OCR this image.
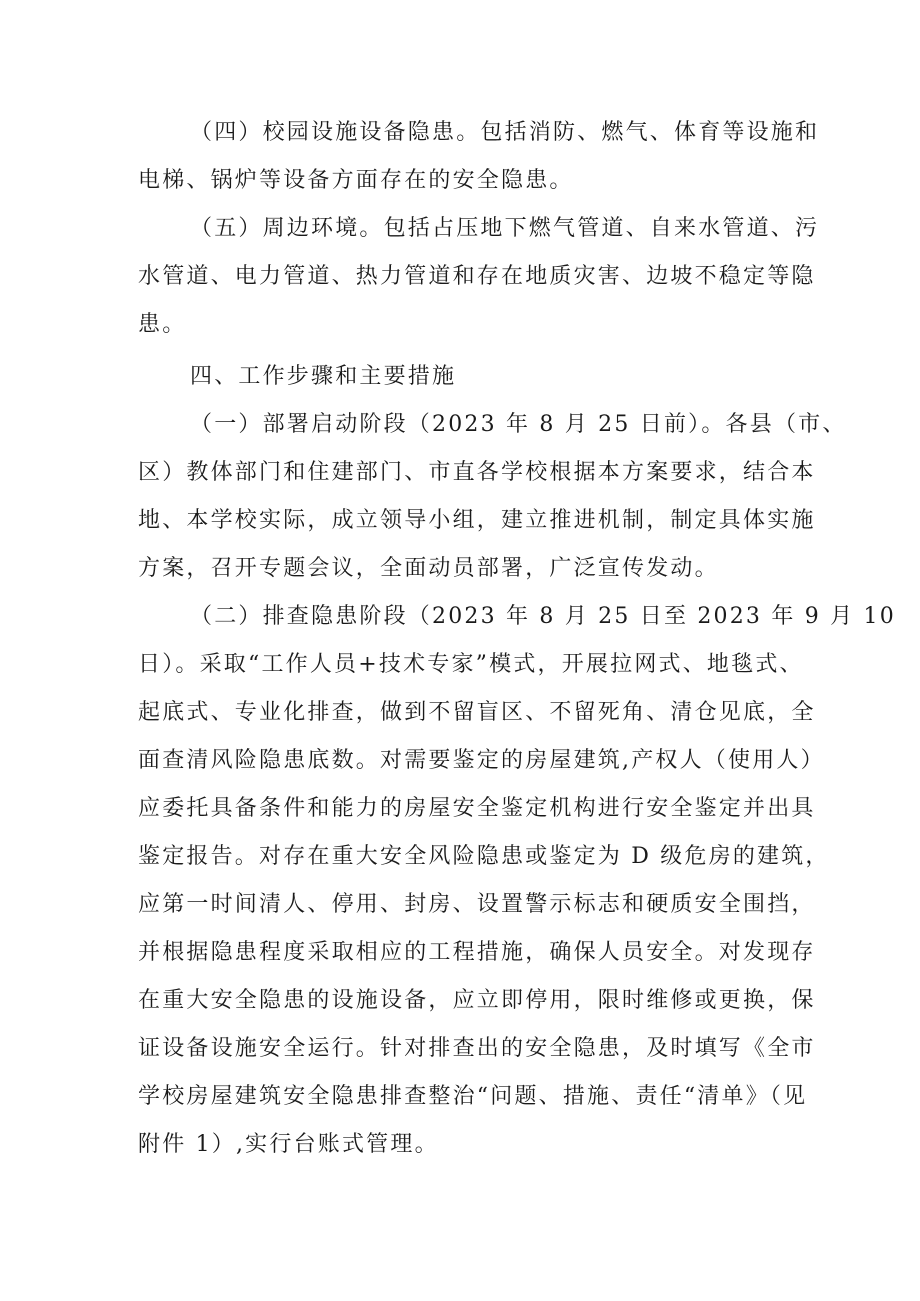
（四）校园设施设备隐患。包括消防、燃气、体育等设施和
电梯、锅炉等设备方面存在的安全隐患。
（五）周边环境。包括占压地下燃气管道、自来水管道、污
水管道、电力管道、热力管道和存在地质灾害、边坡不稳定等隐
患。
四、工作步骤和主要措施
（一）部署启动阶段（2023 年 8 月 25 日前）。各县（市、
区）教体部门和住建部门、市直各学校根据本方案要求，结合本
地、本学校实际，成立领导小组，建立推进机制，制定具体实施
方案，召开专题会议，全面动员部署，广泛宣传发动。
（二）排查隐患阶段（2023 年 8 月 25 日至 2023 年 9 月 10
日）。采取“工作人员+技术专家”模式，开展拉网式、地毯式、
起底式、专业化排查，做到不留盲区、不留死角、清仓见底，全
面查清风险隐患底数。对需要鉴定的房屋建筑,产权人（使用人）
应委托具备条件和能力的房屋安全鉴定机构进行安全鉴定并出具
鉴定报告。对存在重大安全风险隐患或鉴定为 D 级危房的建筑，
应第一时间清人、停用、封房、设置警示标志和硬质安全围挡，
并根据隐患程度采取相应的工程措施，确保人员安全。对发现存
在重大安全隐患的设施设备，应立即停用，限时维修或更换，保
证设备设施安全运行。针对排查出的安全隐患，及时填写《全市
学校房屋建筑安全隐患排查整治“问题、措施、责任“清单》（见
附件 1）,实行台账式管理。
